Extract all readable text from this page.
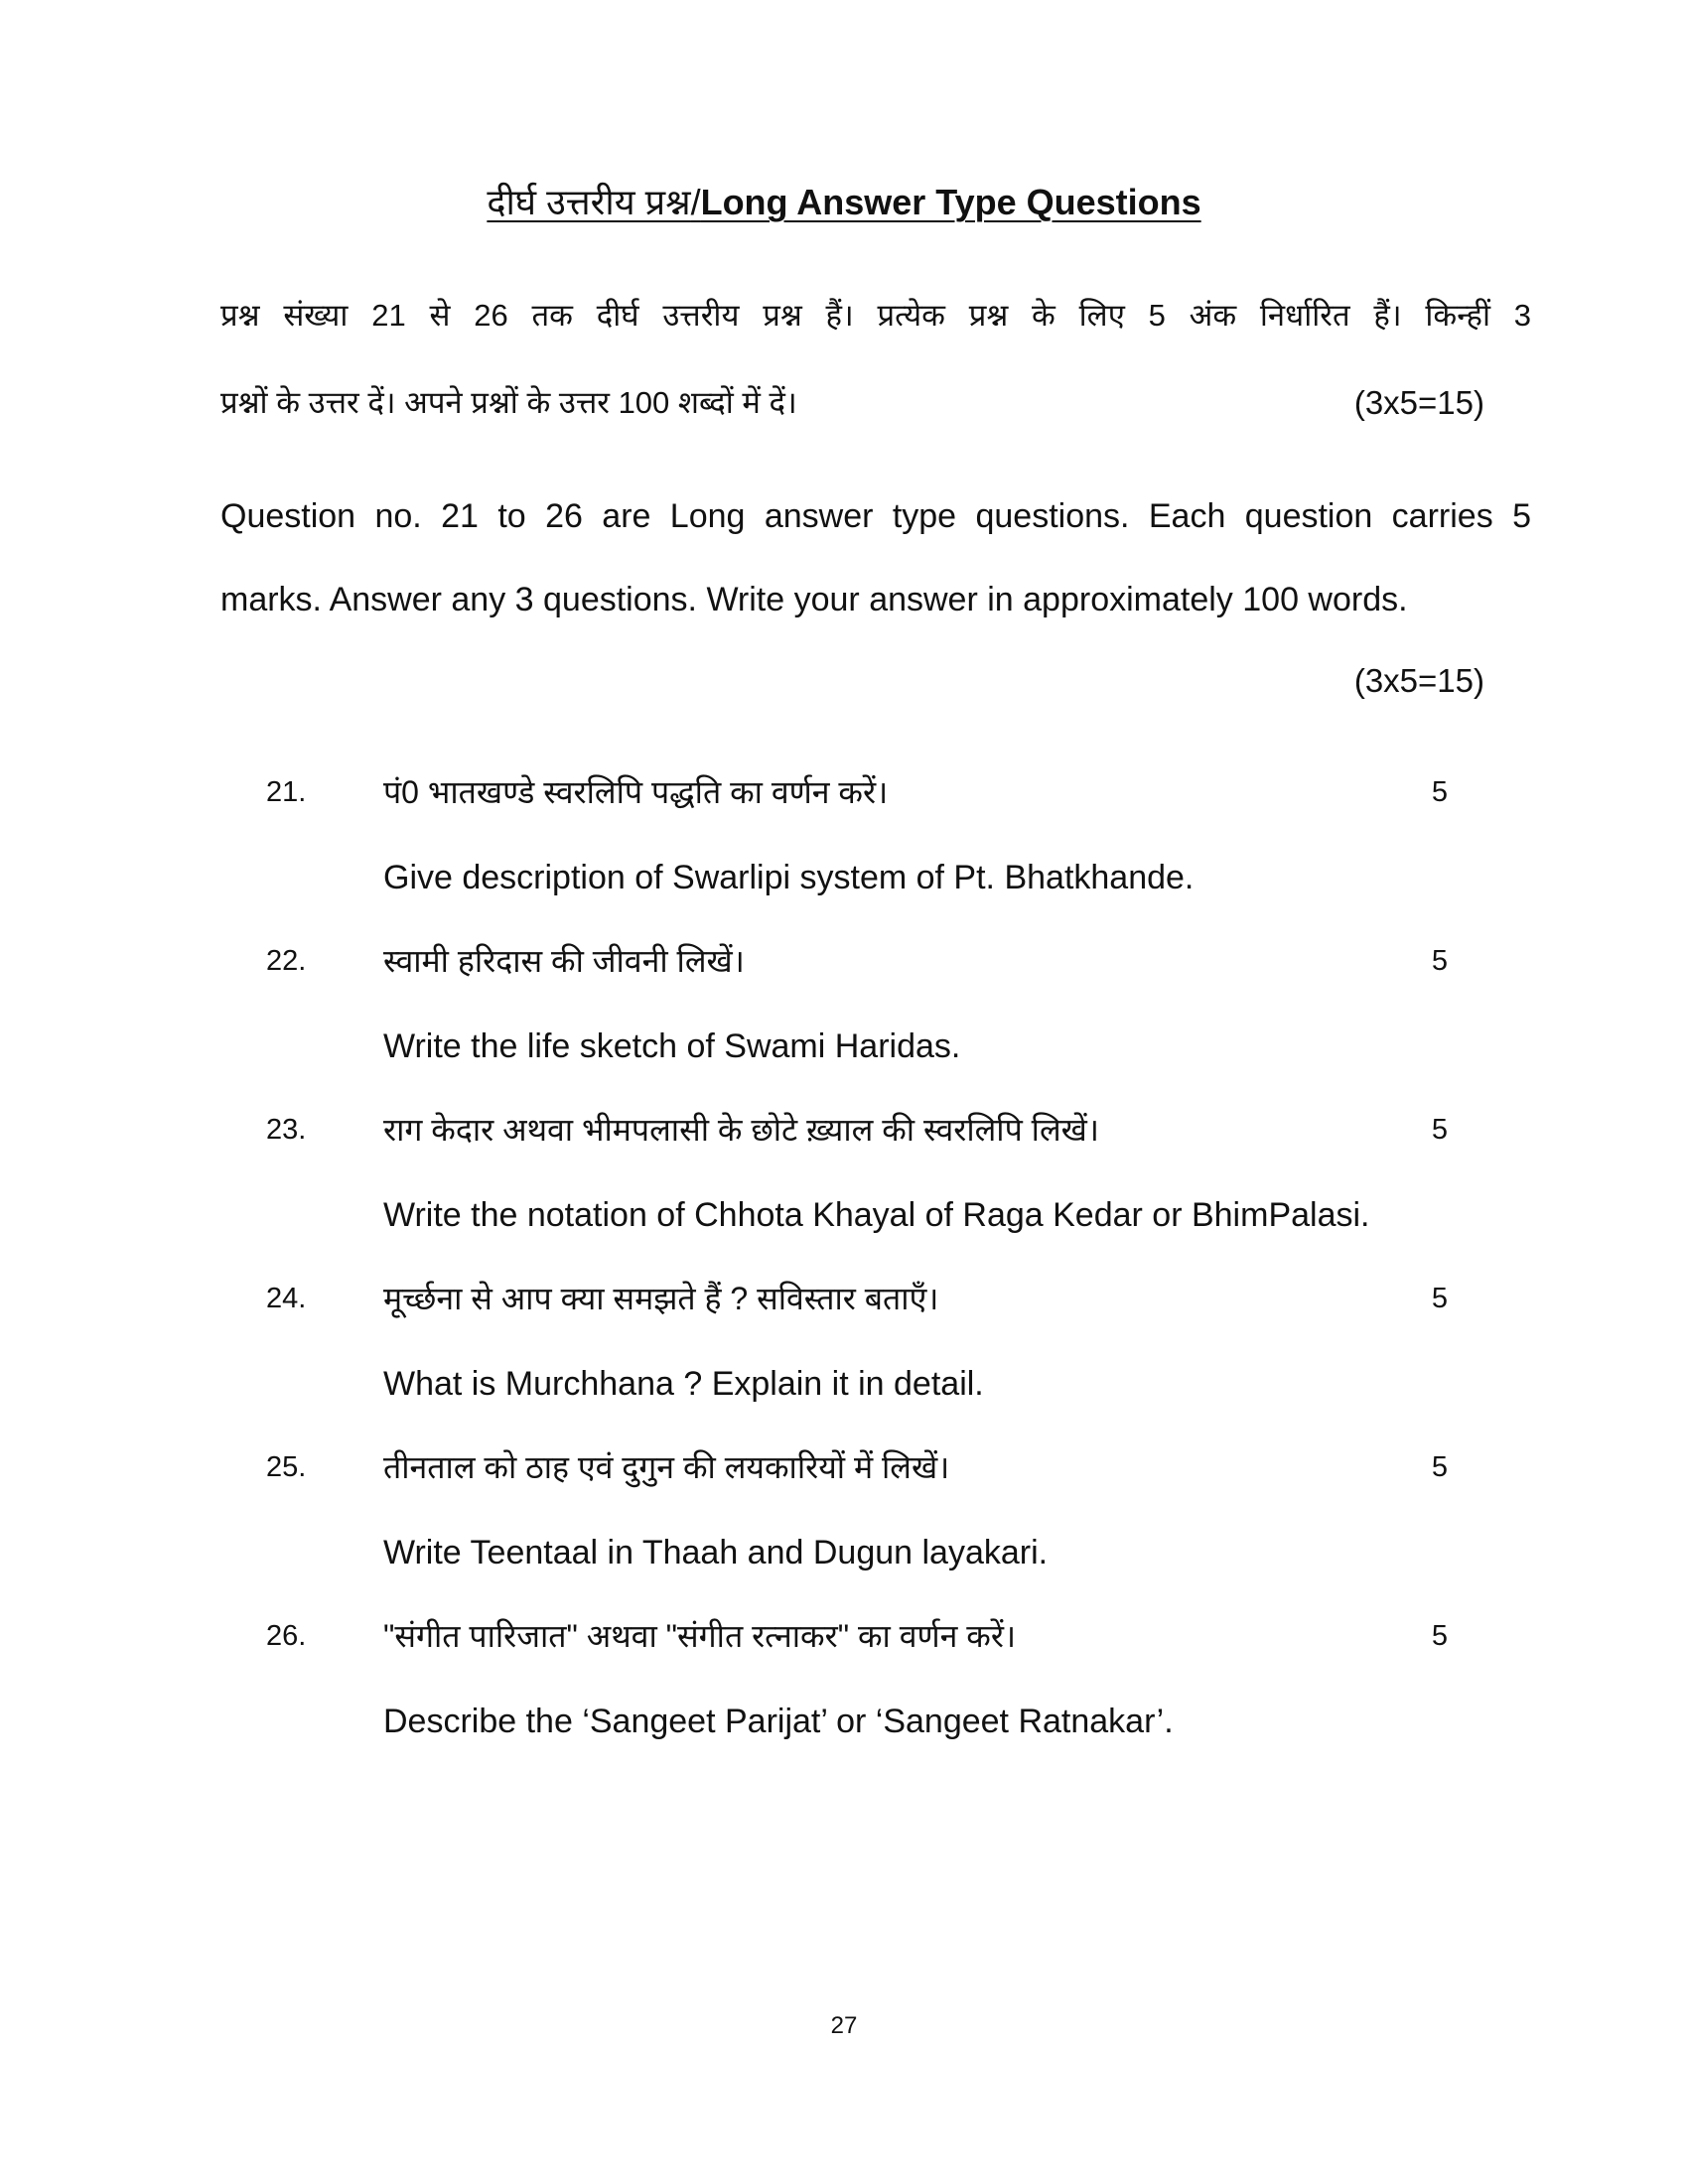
दीर्घ उत्तरीय प्रश्न/Long Answer Type Questions
प्रश्न संख्या 21 से 26 तक दीर्घ उत्तरीय प्रश्न हैं। प्रत्येक प्रश्न के लिए 5 अंक निर्धारित हैं। किन्हीं 3
प्रश्नों के उत्तर दें। अपने प्रश्नों के उत्तर 100 शब्दों में दें।	(3x5=15)
Question no. 21 to 26 are Long answer type questions. Each question carries 5
marks. Answer any 3 questions. Write your answer in approximately 100 words.
(3x5=15)
21.	पं0 भातखण्डे स्वरलिपि पद्धति का वर्णन करें।	5
Give description of Swarlipi system of Pt. Bhatkhande.
22.	स्वामी हरिदास की जीवनी लिखें।	5
Write the life sketch of Swami Haridas.
23.	राग केदार अथवा भीमपलासी के छोटे ख़्याल की स्वरलिपि लिखें।	5
Write the notation of Chhota Khayal of Raga Kedar or BhimPalasi.
24.	मूर्च्छना से आप क्या समझते हैं ? सविस्तार बताएँ।	5
What is Murchhana ? Explain it in detail.
25.	तीनताल को ठाह एवं दुगुन की लयकारियों में लिखें।	5
Write Teentaal in Thaah and Dugun layakari.
26.	"संगीत पारिजात" अथवा "संगीत रत्नाकर" का वर्णन करें।	5
Describe the ‘Sangeet Parijat’ or ‘Sangeet Ratnakar’.
27
